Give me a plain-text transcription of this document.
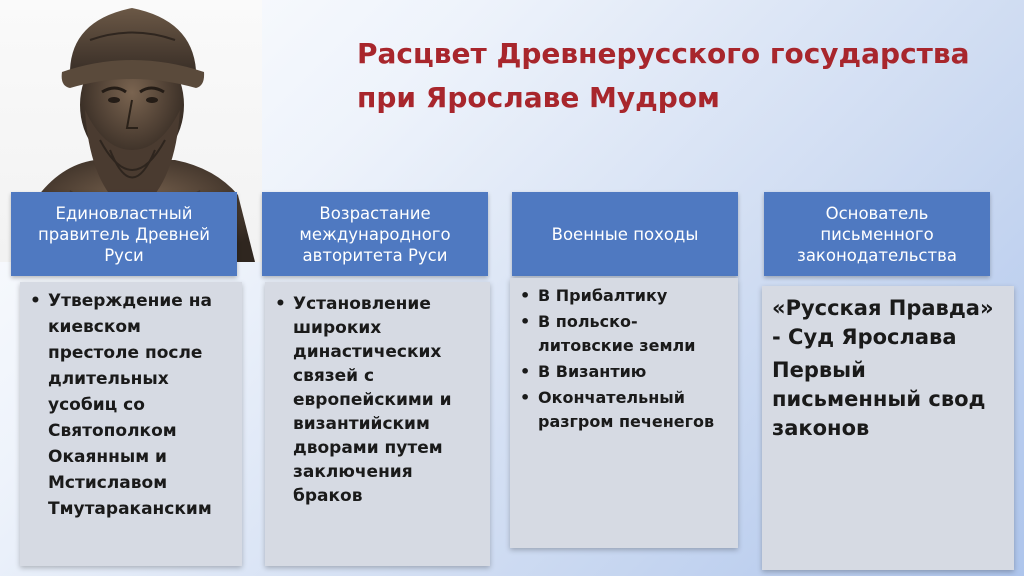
Расцвет Древнерусского государства
при Ярославе Мудром
Единовластный правитель Древней Руси
• Утверждение на киевском престоле после длительных усобиц со Святополком Окаянным и Мстиславом Тмутараканским
Возрастание международного авторитета Руси
• Установление широких династических связей с европейскими и византийским дворами путем заключения браков
Военные походы
• В Прибалтику
• В польско-литовские земли
• В Византию
• Окончательный разгром печенегов
Основатель письменного законодательства
«Русская Правда» - Суд Ярослава
Первый письменный свод законов
